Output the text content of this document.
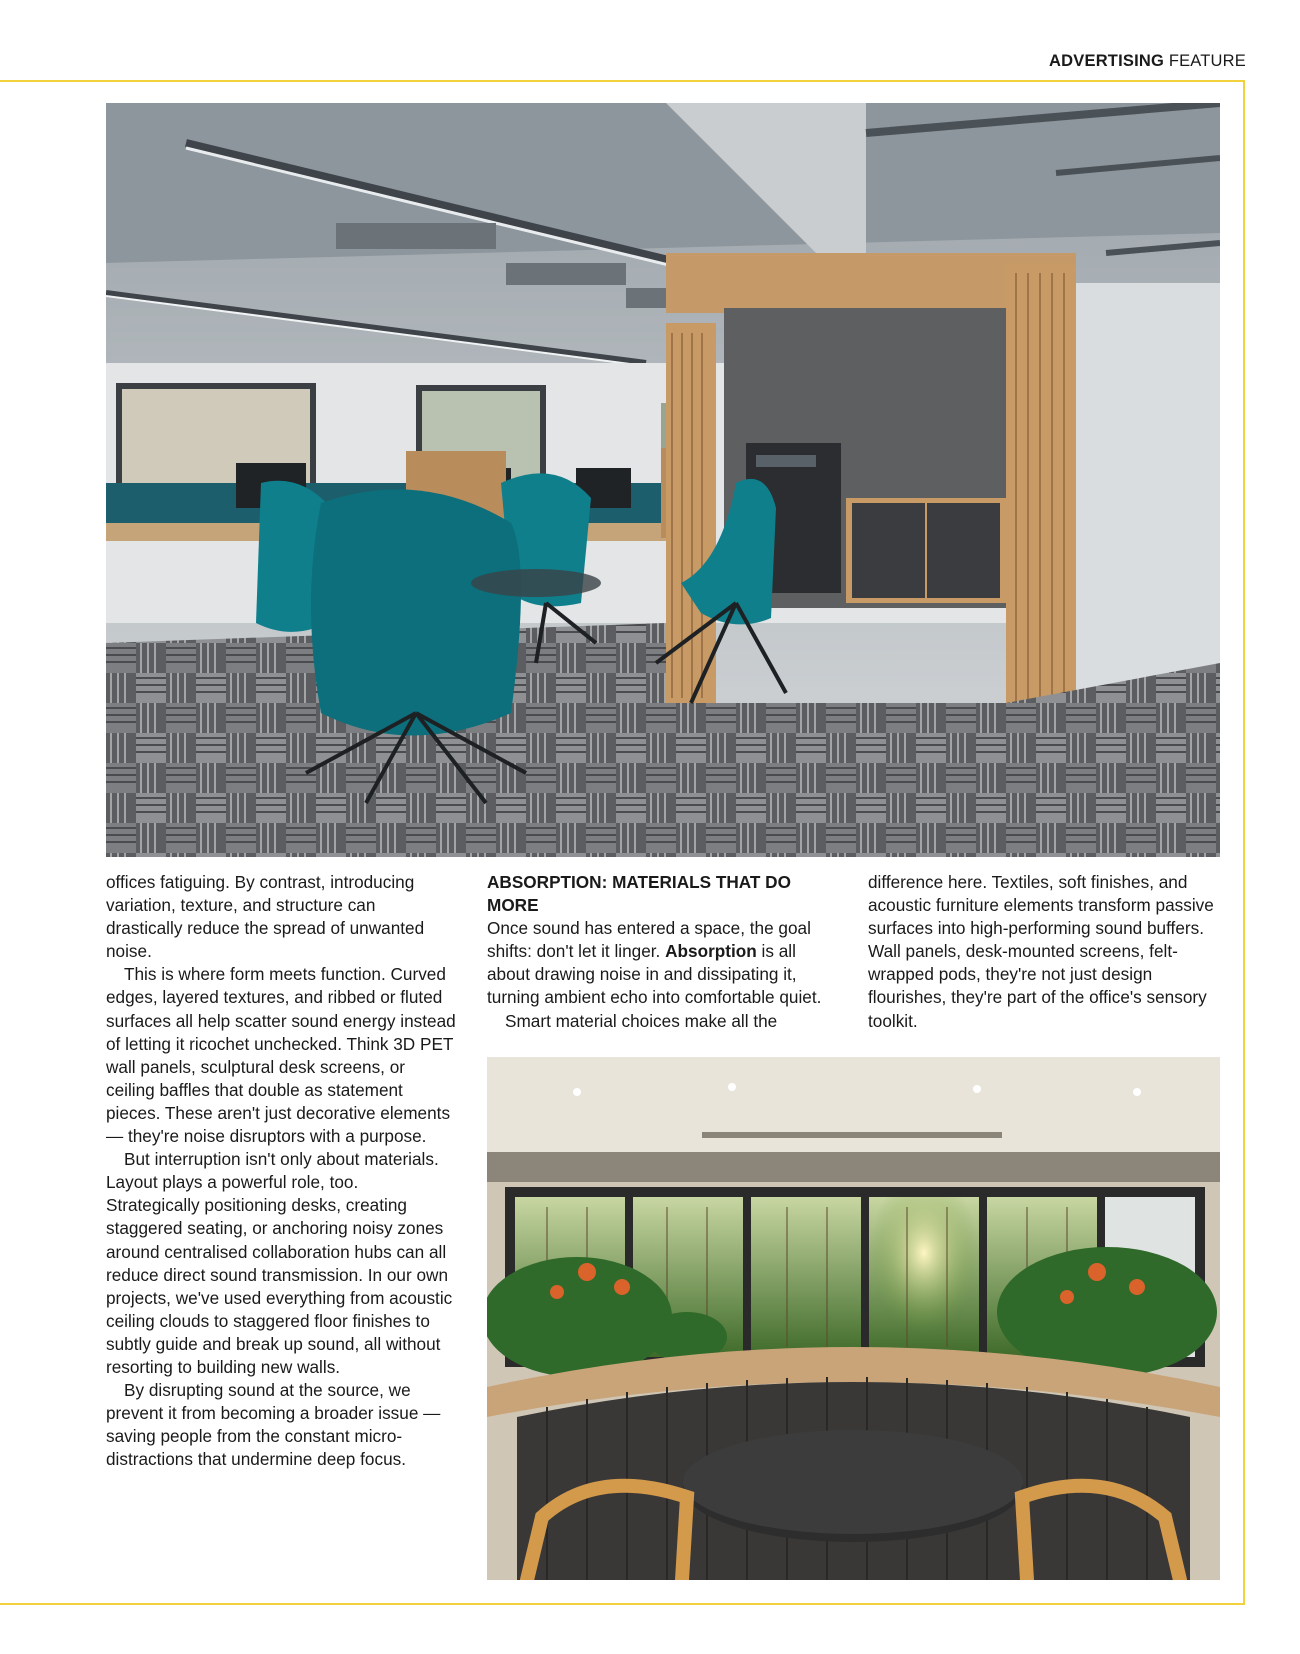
ADVERTISING FEATURE

offices fatiguing. By contrast, introducing variation, texture, and structure can drastically reduce the spread of unwanted noise.

This is where form meets function. Curved edges, layered textures, and ribbed or fluted surfaces all help scatter sound energy instead of letting it ricochet unchecked. Think 3D PET wall panels, sculptural desk screens, or ceiling baffles that double as statement pieces. These aren't just decorative elements — they're noise disruptors with a purpose.

But interruption isn't only about materials. Layout plays a powerful role, too. Strategically positioning desks, creating staggered seating, or anchoring noisy zones around centralised collaboration hubs can all reduce direct sound transmission. In our own projects, we've used everything from acoustic ceiling clouds to staggered floor finishes to subtly guide and break up sound, all without resorting to building new walls.

By disrupting sound at the source, we prevent it from becoming a broader issue — saving people from the constant micro-distractions that undermine deep focus.

ABSORPTION: MATERIALS THAT DO MORE

Once sound has entered a space, the goal shifts: don't let it linger. Absorption is all about drawing noise in and dissipating it, turning ambient echo into comfortable quiet.

Smart material choices make all the

difference here. Textiles, soft finishes, and acoustic furniture elements transform passive surfaces into high-performing sound buffers. Wall panels, desk-mounted screens, felt-wrapped pods, they're not just design flourishes, they're part of the office's sensory toolkit.
